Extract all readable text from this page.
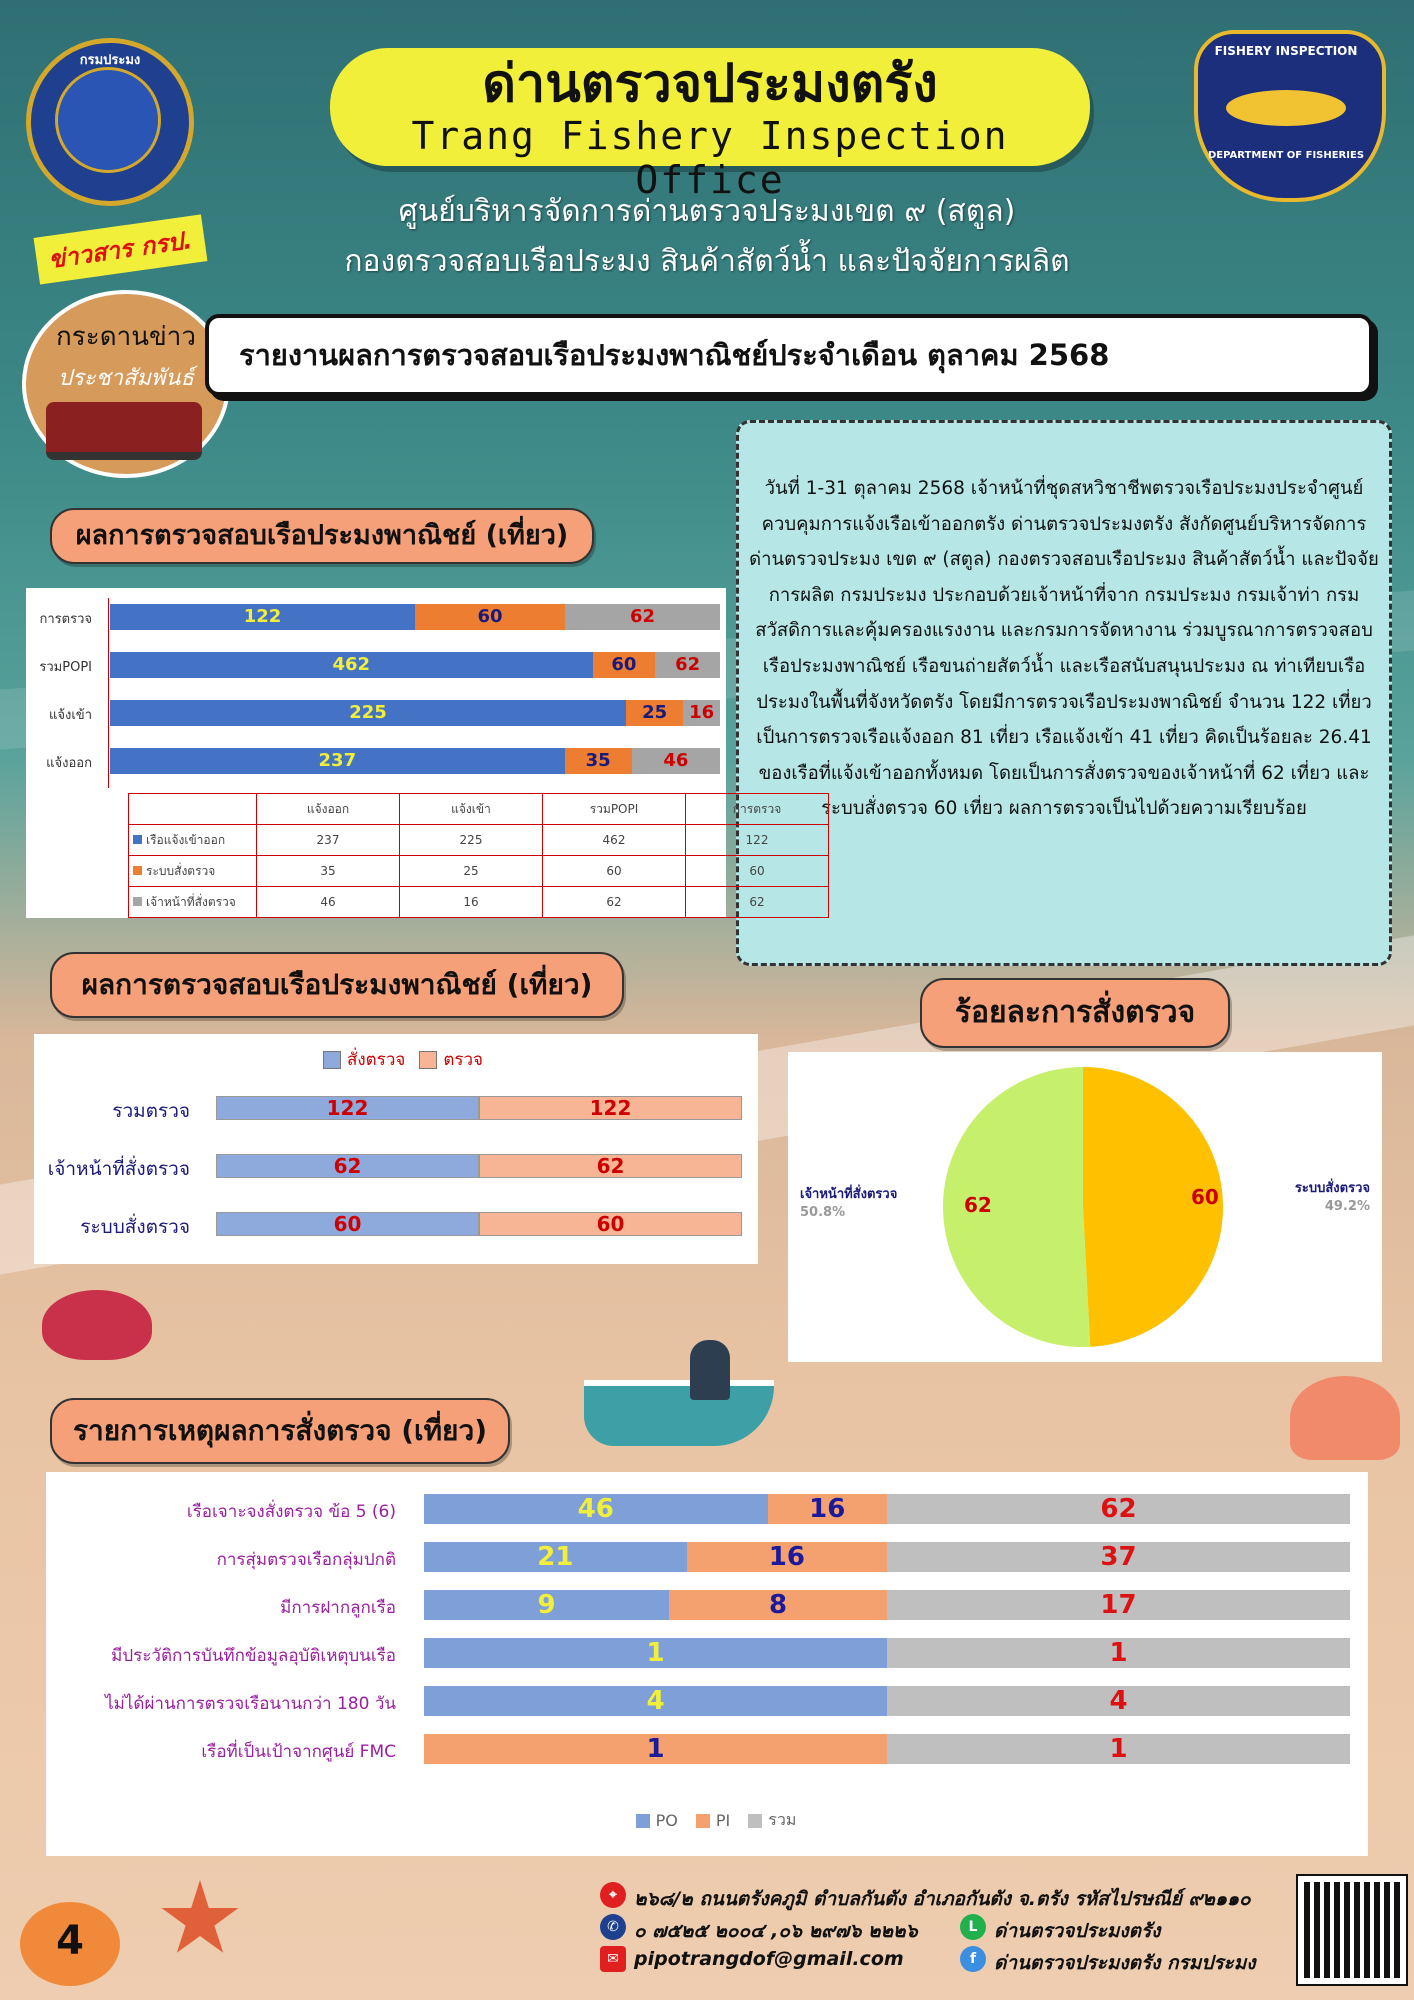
กรมประมง
FISHERY INSPECTION
DEPARTMENT OF FISHERIES
ด่านตรวจประมงตรัง
Trang Fishery Inspection Office
ศูนย์บริหารจัดการด่านตรวจประมงเขต ๙ (สตูล)
กองตรวจสอบเรือประมง สินค้าสัตว์น้ำ และปัจจัยการผลิต
ข่าวสาร กรป.
กระดานข่าว
ประชาสัมพันธ์
รายงานผลการตรวจสอบเรือประมงพาณิชย์ประจำเดือน ตุลาคม 2568

วันที่ 1-31 ตุลาคม 2568 เจ้าหน้าที่ชุดสหวิชาชีพตรวจเรือประมงประจำศูนย์ควบคุมการแจ้งเรือเข้าออกตรัง ด่านตรวจประมงตรัง สังกัดศูนย์บริหารจัดการด่านตรวจประมง เขต ๙ (สตูล) กองตรวจสอบเรือประมง สินค้าสัตว์น้ำ และปัจจัยการผลิต กรมประมง ประกอบด้วยเจ้าหน้าที่จาก กรมประมง กรมเจ้าท่า กรมสวัสดิการและคุ้มครองแรงงาน และกรมการจัดหางาน ร่วมบูรณาการตรวจสอบเรือประมงพาณิชย์ เรือขนถ่ายสัตว์น้ำ และเรือสนับสนุนประมง ณ ท่าเทียบเรือประมงในพื้นที่จังหวัดตรัง โดยมีการตรวจเรือประมงพาณิชย์ จำนวน 122 เที่ยว เป็นการตรวจเรือแจ้งออก 81 เที่ยว เรือแจ้งเข้า 41 เที่ยว คิดเป็นร้อยละ 26.41 ของเรือที่แจ้งเข้าออกทั้งหมด โดยเป็นการสั่งตรวจของเจ้าหน้าที่ 62 เที่ยว และระบบสั่งตรวจ 60 เที่ยว ผลการตรวจเป็นไปด้วยความเรียบร้อย

ผลการตรวจสอบเรือประมงพาณิชย์ (เที่ยว)
การตรวจ	122	60	62
รวมPOPI	462	60	62
แจ้งเข้า	225	25	16
แจ้งออก	237	35	46
	แจ้งออก	แจ้งเข้า	รวมPOPI	การตรวจ
เรือแจ้งเข้าออก	237	225	462	122
ระบบสั่งตรวจ	35	25	60	60
เจ้าหน้าที่สั่งตรวจ	46	16	62	62
ผลการตรวจสอบเรือประมงพาณิชย์ (เที่ยว)
สั่งตรวจ ตรวจ
รวมตรวจ	122	122
เจ้าหน้าที่สั่งตรวจ	62	62
ระบบสั่งตรวจ	60	60
ร้อยละการสั่งตรวจ
60	ระบบสั่งตรวจ
49.2%
62
เจ้าหน้าที่สั่งตรวจ
50.8%
รายการเหตุผลการสั่งตรวจ (เที่ยว)
เรือเจาะจงสั่งตรวจ ข้อ 5 (6)	46	16	62
การสุ่มตรวจเรือกลุ่มปกติ	21	16	37
มีการฝากลูกเรือ	9	8	17
มีประวัติการบันทึกข้อมูลอุบัติเหตุบนเรือ	1	1
ไม่ได้ผ่านการตรวจเรือนานกว่า 180 วัน	4	4
เรือที่เป็นเป้าจากศูนย์ FMC	1	1
PO PI รวม
4
⌖ ๒๖๘/๒ ถนนตรังคภูมิ ตำบลกันตัง อำเภอกันตัง จ.ตรัง รหัสไปรษณีย์ ๙๒๑๑๐
✆ ๐ ๗๕๒๕ ๒๐๐๔ ,๐๖ ๒๙๗๖ ๒๒๒๖
✉ pipotrangdof@gmail.com
L ด่านตรวจประมงตรัง
f ด่านตรวจประมงตรัง กรมประมง
